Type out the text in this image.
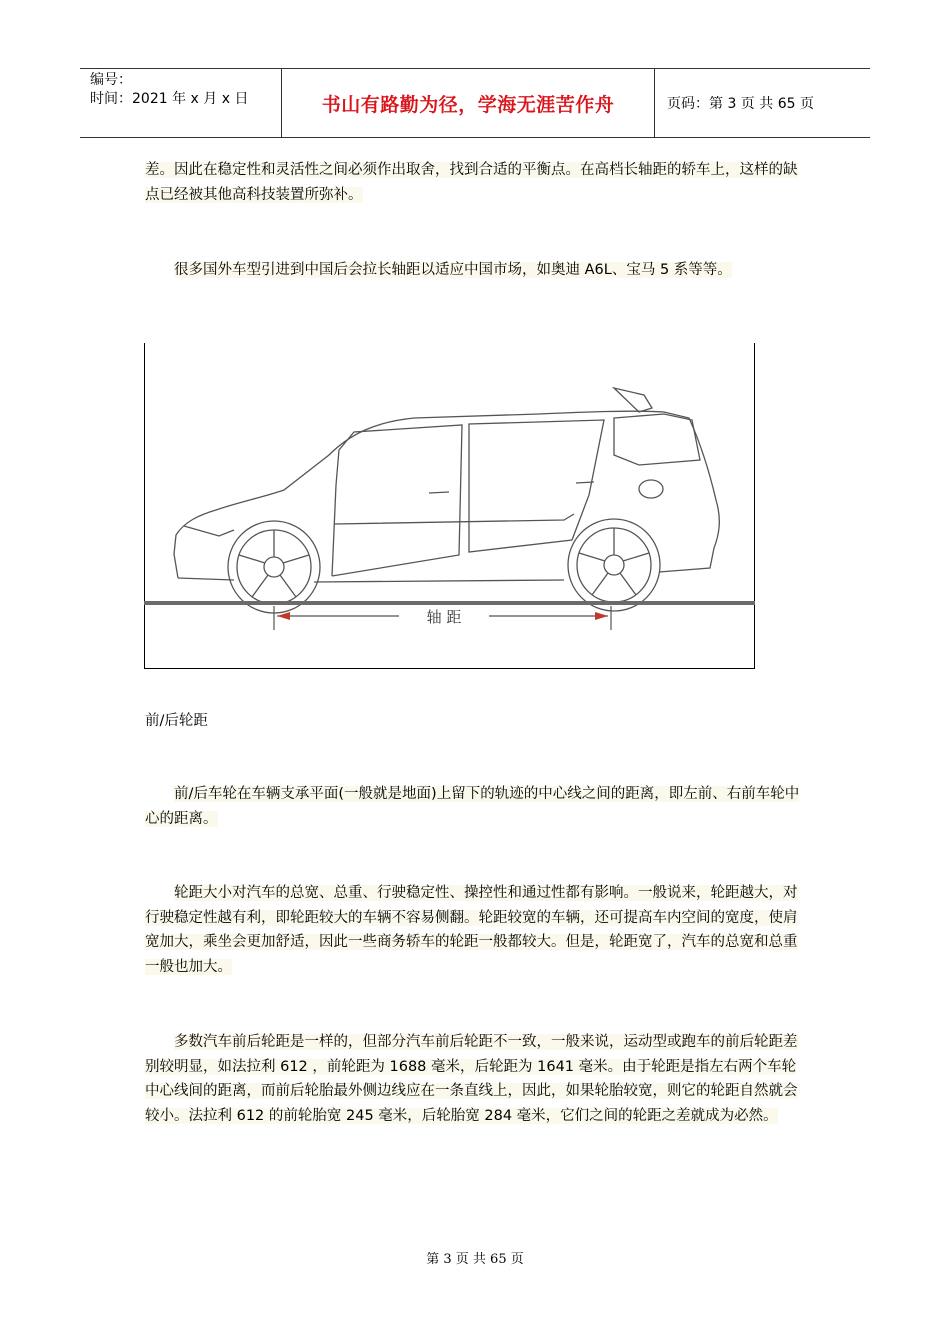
编号：
时间：2021 年 x 月 x 日	书山有路勤为径，学海无涯苦作舟	页码：第 3 页 共 65 页
差。因此在稳定性和灵活性之间必须作出取舍，找到合适的平衡点。在高档长轴距的轿车上，这样的缺点已经被其他高科技装置所弥补。
很多国外车型引进到中国后会拉长轴距以适应中国市场，如奥迪 A6L、宝马 5 系等等。
轴 距
前/后轮距
前/后车轮在车辆支承平面(一般就是地面)上留下的轨迹的中心线之间的距离，即左前、右前车轮中心的距离。
轮距大小对汽车的总宽、总重、行驶稳定性、操控性和通过性都有影响。一般说来，轮距越大，对行驶稳定性越有利，即轮距较大的车辆不容易侧翻。轮距较宽的车辆，还可提高车内空间的宽度，使肩宽加大，乘坐会更加舒适，因此一些商务轿车的轮距一般都较大。但是，轮距宽了，汽车的总宽和总重一般也加大。
多数汽车前后轮距是一样的，但部分汽车前后轮距不一致，一般来说，运动型或跑车的前后轮距差别较明显，如法拉利 612 ，前轮距为 1688 毫米，后轮距为 1641 毫米。由于轮距是指左右两个车轮中心线间的距离，而前后轮胎最外侧边线应在一条直线上，因此，如果轮胎较宽，则它的轮距自然就会较小。法拉利 612 的前轮胎宽 245 毫米，后轮胎宽 284 毫米，它们之间的轮距之差就成为必然。
第 3 页 共 65 页
